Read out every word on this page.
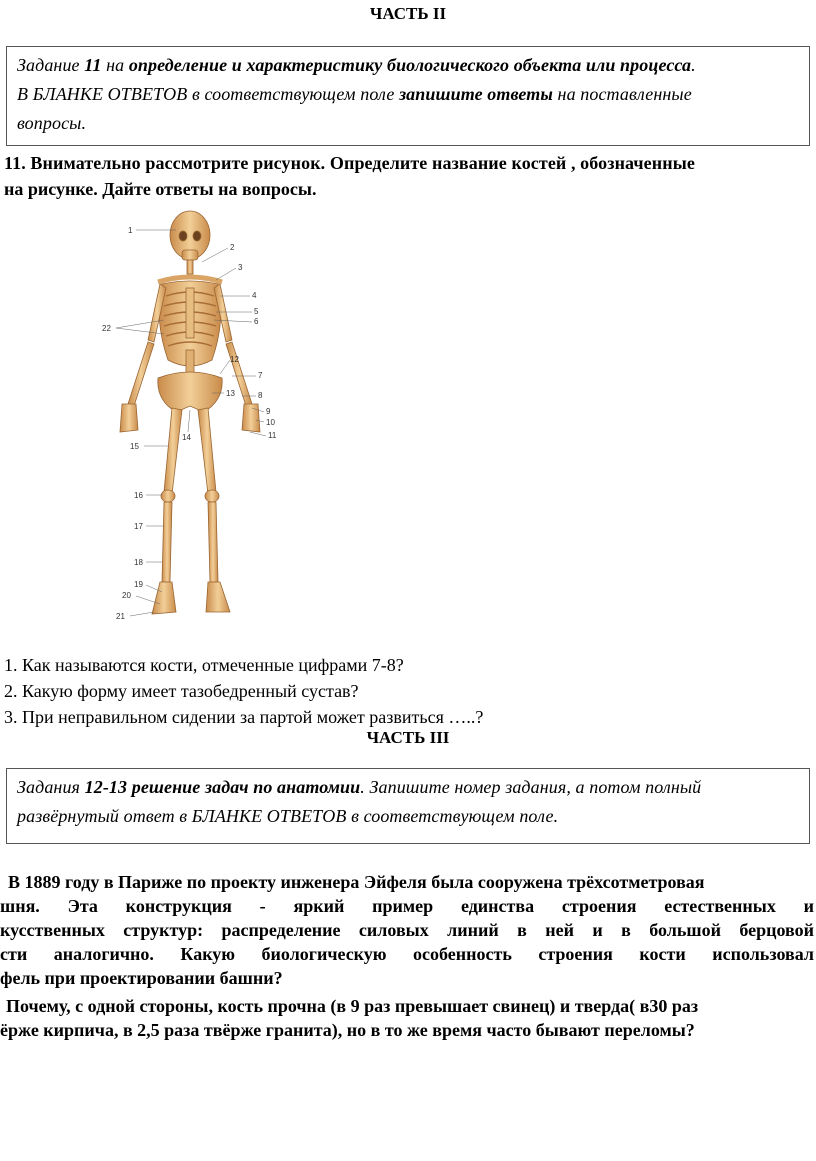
ЧАСТЬ II
Задание 11 на определение и характеристику биологического объекта или процесса.
В БЛАНКЕ ОТВЕТОВ в соответствующем поле запишите ответы на поставленные
вопросы.
11. Внимательно рассмотрите рисунок. Определите название костей , обозначенные
на рисунке. Дайте ответы на вопросы.
1
2
3
4
5
6
22
12
13
14
7
8
9
10
11
15
16
17
18
19
20
21
1. Как называются кости, отмеченные цифрами 7-8?
2. Какую форму имеет тазобедренный сустав?
3. При неправильном сидении за партой может развиться …..?
ЧАСТЬ III
Задания 12-13 решение задач по анатомии. Запишите номер задания, а потом полный
развёрнутый ответ в БЛАНКЕ ОТВЕТОВ в соответствующем поле.
В 1889 году в Париже по проекту инженера Эйфеля была сооружена трёхсотметровая
шня. Эта конструкция - яркий пример единства строения естественных и
кусственных структур: распределение силовых линий в ней и в большой берцовой
сти аналогично. Какую биологическую особенность строения кости использовал
фель при проектировании башни?
Почему, с одной стороны, кость прочна (в 9 раз превышает свинец) и тверда( в30 раз
ёрже кирпича, в 2,5 раза твёрже гранита), но в то же время часто бывают переломы?
